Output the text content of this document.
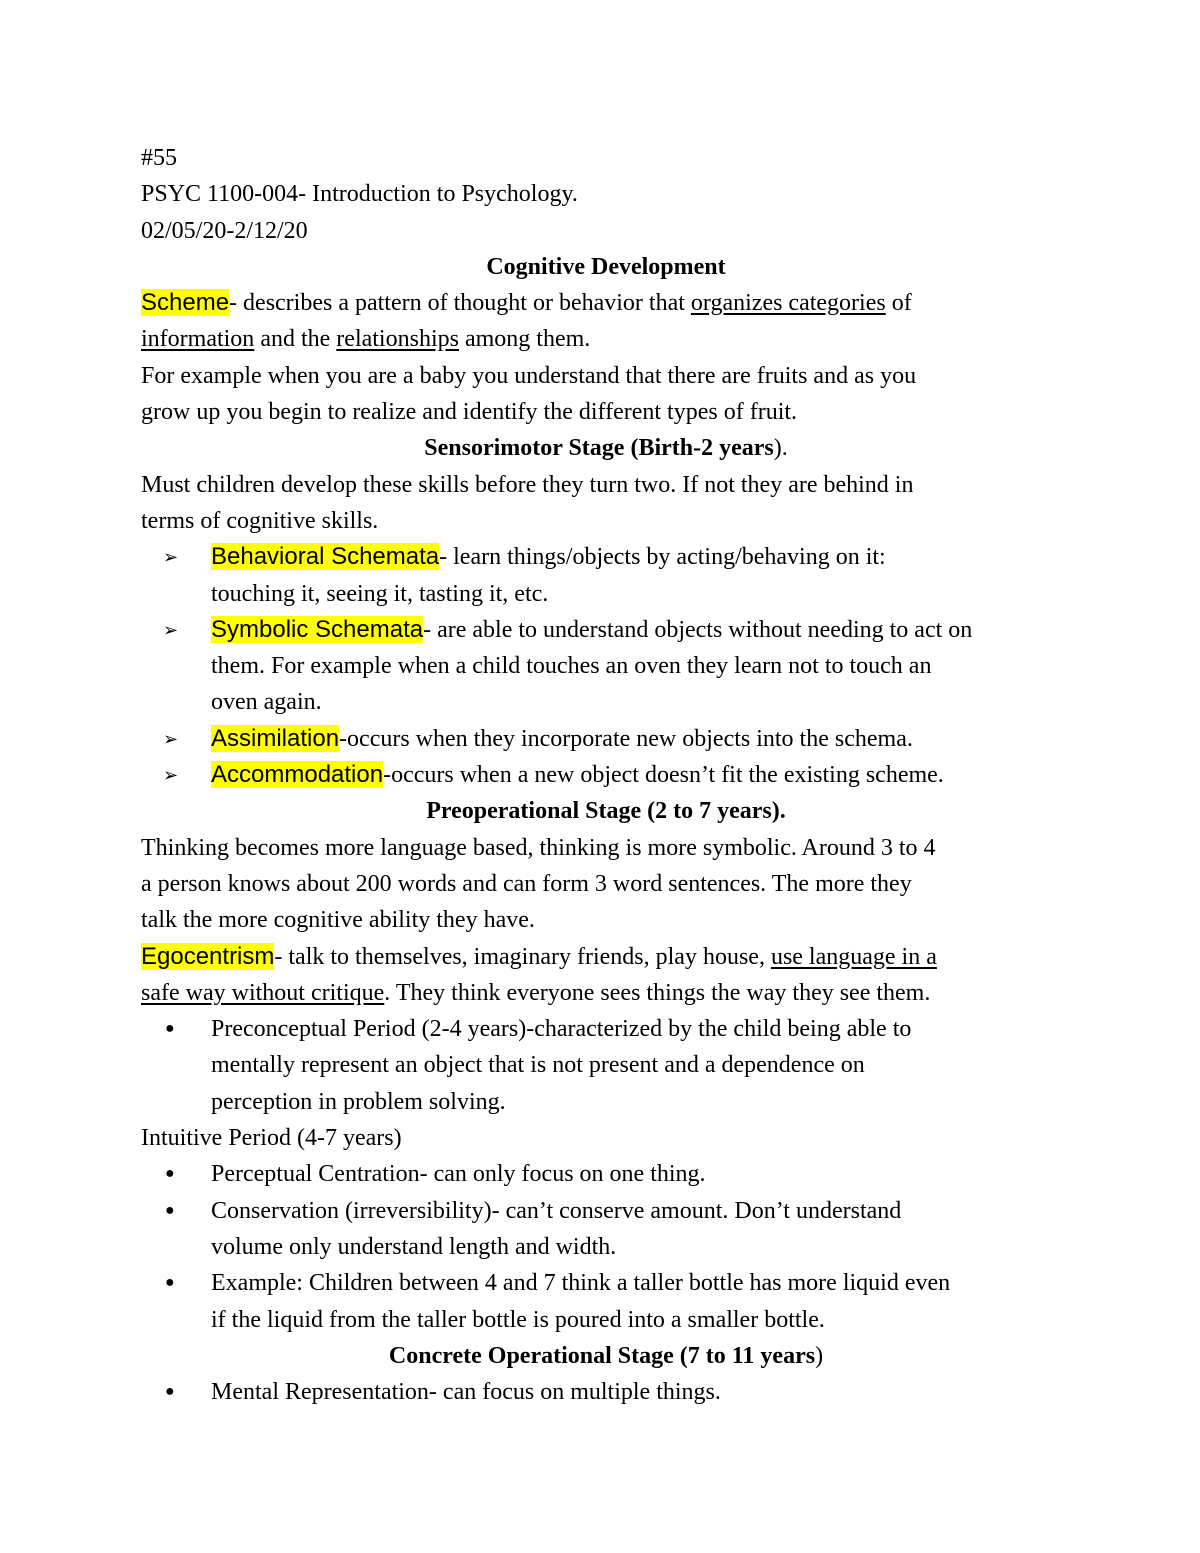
#55
PSYC 1100-004- Introduction to Psychology.
02/05/20-2/12/20
Cognitive Development
Scheme- describes a pattern of thought or behavior that organizes categories of
information and the relationships among them.
For example when you are a baby you understand that there are fruits and as you
grow up you begin to realize and identify the different types of fruit.
Sensorimotor Stage (Birth-2 years).
Must children develop these skills before they turn two. If not they are behind in
terms of cognitive skills.
➢ Behavioral Schemata- learn things/objects by acting/behaving on it:
touching it, seeing it, tasting it, etc.
➢ Symbolic Schemata- are able to understand objects without needing to act on
them. For example when a child touches an oven they learn not to touch an
oven again.
➢ Assimilation-occurs when they incorporate new objects into the schema.
➢ Accommodation-occurs when a new object doesn’t fit the existing scheme.
Preoperational Stage (2 to 7 years).
Thinking becomes more language based, thinking is more symbolic. Around 3 to 4
a person knows about 200 words and can form 3 word sentences. The more they
talk the more cognitive ability they have.
Egocentrism- talk to themselves, imaginary friends, play house, use language in a
safe way without critique. They think everyone sees things the way they see them.
● Preconceptual Period (2-4 years)-characterized by the child being able to
mentally represent an object that is not present and a dependence on
perception in problem solving.
Intuitive Period (4-7 years)
● Perceptual Centration- can only focus on one thing.
● Conservation (irreversibility)- can’t conserve amount. Don’t understand
volume only understand length and width.
● Example: Children between 4 and 7 think a taller bottle has more liquid even
if the liquid from the taller bottle is poured into a smaller bottle.
Concrete Operational Stage (7 to 11 years)
● Mental Representation- can focus on multiple things.
